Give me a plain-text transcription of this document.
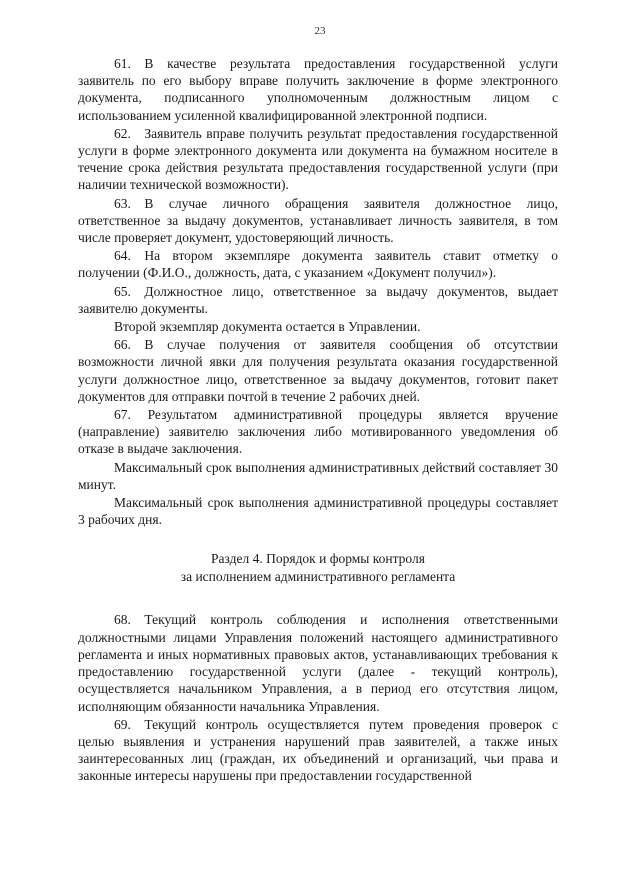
23

61. В качестве результата предоставления государственной услуги заявитель по его выбору вправе получить заключение в форме электронного документа, подписанного уполномоченным должностным лицом с использованием усиленной квалифицированной электронной подписи.

62. Заявитель вправе получить результат предоставления государственной услуги в форме электронного документа или документа на бумажном носителе в течение срока действия результата предоставления государственной услуги (при наличии технической возможности).

63. В случае личного обращения заявителя должностное лицо, ответственное за выдачу документов, устанавливает личность заявителя, в том числе проверяет документ, удостоверяющий личность.

64. На втором экземпляре документа заявитель ставит отметку о получении (Ф.И.О., должность, дата, с указанием «Документ получил»).

65. Должностное лицо, ответственное за выдачу документов, выдает заявителю документы.

Второй экземпляр документа остается в Управлении.

66. В случае получения от заявителя сообщения об отсутствии возможности личной явки для получения результата оказания государственной услуги должностное лицо, ответственное за выдачу документов, готовит пакет документов для отправки почтой в течение 2 рабочих дней.

67. Результатом административной процедуры является вручение (направление) заявителю заключения либо мотивированного уведомления об отказе в выдаче заключения.

Максимальный срок выполнения административных действий составляет 30 минут.

Максимальный срок выполнения административной процедуры составляет 3 рабочих дня.

Раздел 4. Порядок и формы контроля
за исполнением административного регламента

68. Текущий контроль соблюдения и исполнения ответственными должностными лицами Управления положений настоящего административного регламента и иных нормативных правовых актов, устанавливающих требования к предоставлению государственной услуги (далее - текущий контроль), осуществляется начальником Управления, а в период его отсутствия лицом, исполняющим обязанности начальника Управления.

69. Текущий контроль осуществляется путем проведения проверок с целью выявления и устранения нарушений прав заявителей, а также иных заинтересованных лиц (граждан, их объединений и организаций, чьи права и законные интересы нарушены при предоставлении государственной
